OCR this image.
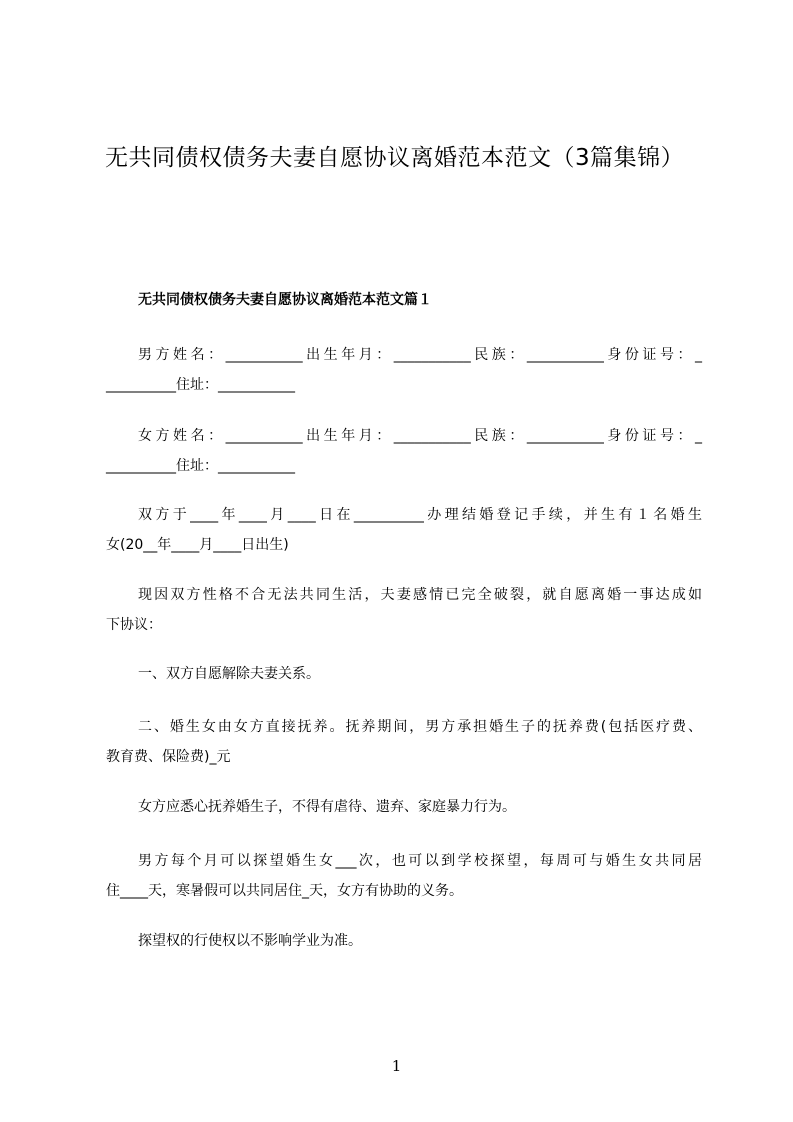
无共同债权债务夫妻自愿协议离婚范本范文（3篇集锦）
无共同债权债务夫妻自愿协议离婚范本范文篇１
男方姓名：___________出生年月：___________民族：___________身份证号：_
__________住址：___________
女方姓名：___________出生年月：___________民族：___________身份证号：_
__________住址：___________
双方于____年____月____日在__________办理结婚登记手续，并生有１名婚生
女(20__年____月____日出生)
现因双方性格不合无法共同生活，夫妻感情已完全破裂，就自愿离婚一事达成如
下协议：
一、双方自愿解除夫妻关系。
二、婚生女由女方直接抚养。抚养期间，男方承担婚生子的抚养费(包括医疗费、
教育费、保险费)_元
女方应悉心抚养婚生子，不得有虐待、遗弃、家庭暴力行为。
男方每个月可以探望婚生女___次，也可以到学校探望，每周可与婚生女共同居
住____天，寒暑假可以共同居住_天，女方有协助的义务。
探望权的行使权以不影响学业为准。
1
